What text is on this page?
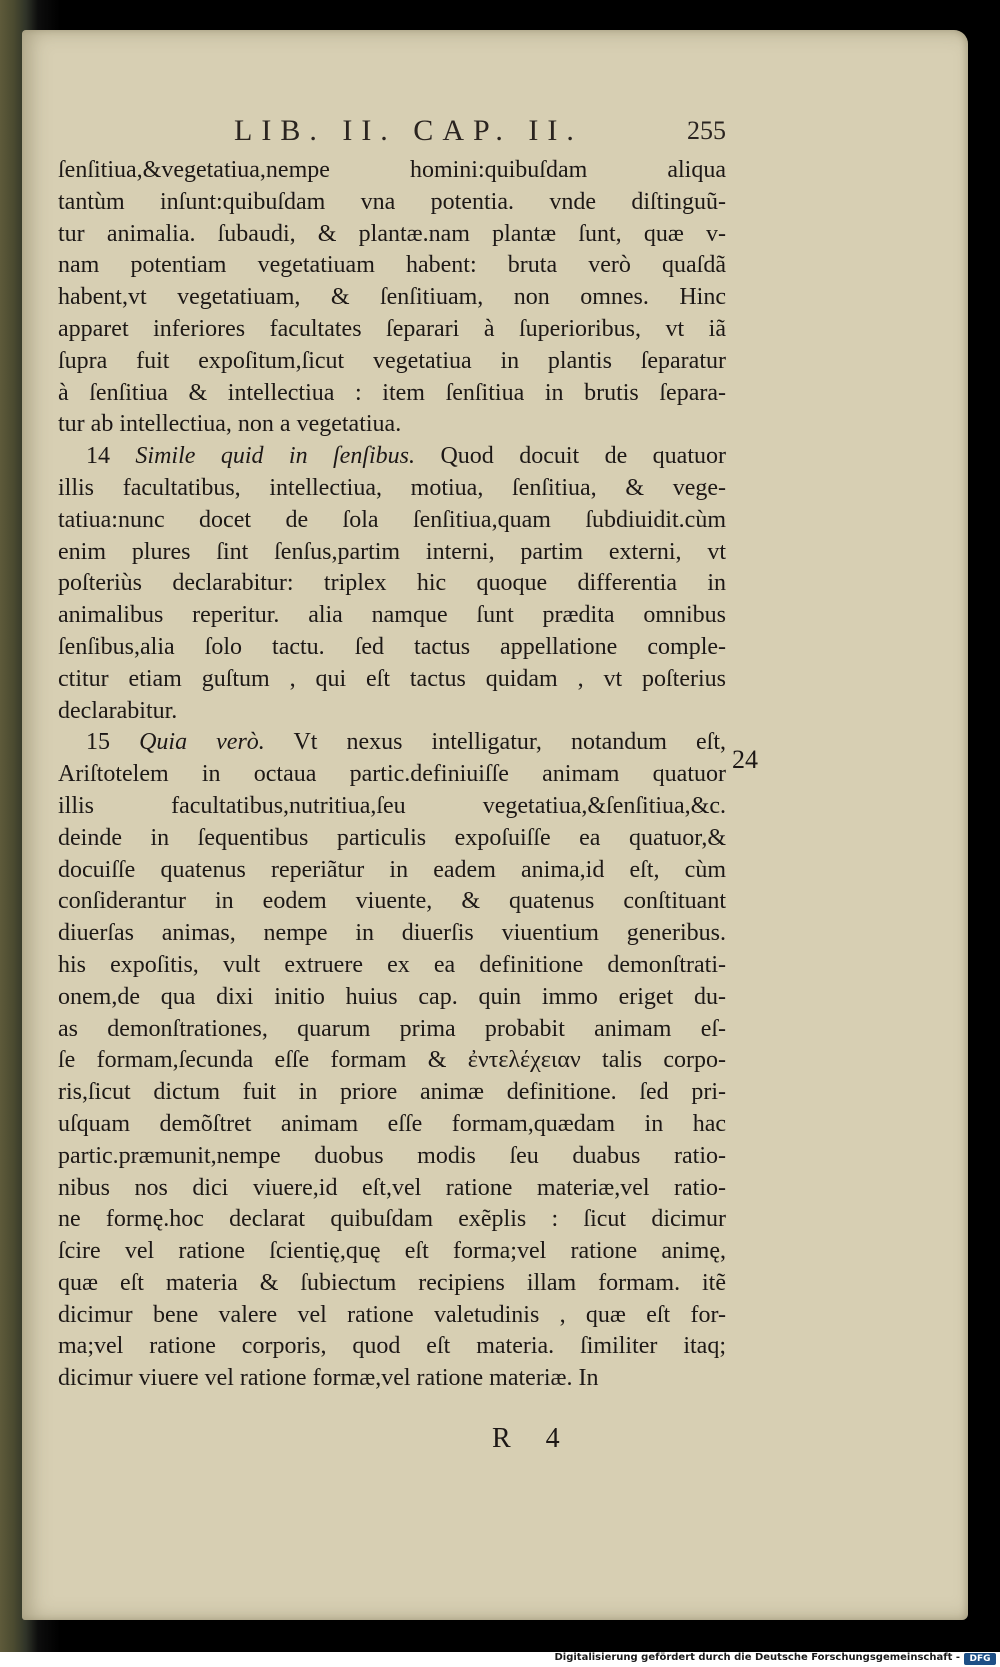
LIB. II. CAP. II.	255
ſenſitiua,&vegetatiua,nempe homini:quibuſdam aliqua
tantùm inſunt:quibuſdam vna potentia. vnde diſtinguũ-
tur animalia. ſubaudi, & plantæ.nam plantæ ſunt, quæ v-
nam potentiam vegetatiuam habent: bruta verò quaſdã
habent,vt vegetatiuam, & ſenſitiuam, non omnes. Hinc
apparet inferiores facultates ſeparari à ſuperioribus, vt iã
ſupra fuit expoſitum,ſicut vegetatiua in plantis ſeparatur
à ſenſitiua & intellectiua : item ſenſitiua in brutis ſepara-
tur ab intellectiua, non a vegetatiua.
14 Simile quid in ſenſibus. Quod docuit de quatuor
illis facultatibus, intellectiua, motiua, ſenſitiua, & vege-
tatiua:nunc docet de ſola ſenſitiua,quam ſubdiuidit.cùm
enim plures ſint ſenſus,partim interni, partim externi, vt
poſteriùs declarabitur: triplex hic quoque differentia in
animalibus reperitur. alia namque ſunt prædita omnibus
ſenſibus,alia ſolo tactu. ſed tactus appellatione comple-
ctitur etiam guſtum , qui eſt tactus quidam , vt poſterius
declarabitur.
15 Quia verò. Vt nexus intelligatur, notandum eſt,
Ariſtotelem in octaua partic.definiuiſſe animam quatuor
illis facultatibus,nutritiua,ſeu vegetatiua,&ſenſitiua,&c.
deinde in ſequentibus particulis expoſuiſſe ea quatuor,&
docuiſſe quatenus reperiãtur in eadem anima,id eſt, cùm
conſiderantur in eodem viuente, & quatenus conſtituant
diuerſas animas, nempe in diuerſis viuentium generibus.
his expoſitis, vult extruere ex ea definitione demonſtrati-
onem,de qua dixi initio huius cap. quin immo eriget du-
as demonſtrationes, quarum prima probabit animam eſ-
ſe formam,ſecunda eſſe formam & ἐντελέχειαν talis corpo-
ris,ſicut dictum fuit in priore animæ definitione. ſed pri-
uſquam demõſtret animam eſſe formam,quædam in hac
partic.præmunit,nempe duobus modis ſeu duabus ratio-
nibus nos dici viuere,id eſt,vel ratione materiæ,vel ratio-
ne formę.hoc declarat quibuſdam exẽplis : ſicut dicimur
ſcire vel ratione ſcientię,quę eſt forma;vel ratione animę,
quæ eſt materia & ſubiectum recipiens illam formam. itẽ
dicimur bene valere vel ratione valetudinis , quæ eſt for-
ma;vel ratione corporis, quod eſt materia. ſimiliter itaq;
dicimur viuere vel ratione formæ,vel ratione materiæ. In
24
R 4
Digitalisierung gefördert durch die Deutsche Forschungsgemeinschaft -	DFG
